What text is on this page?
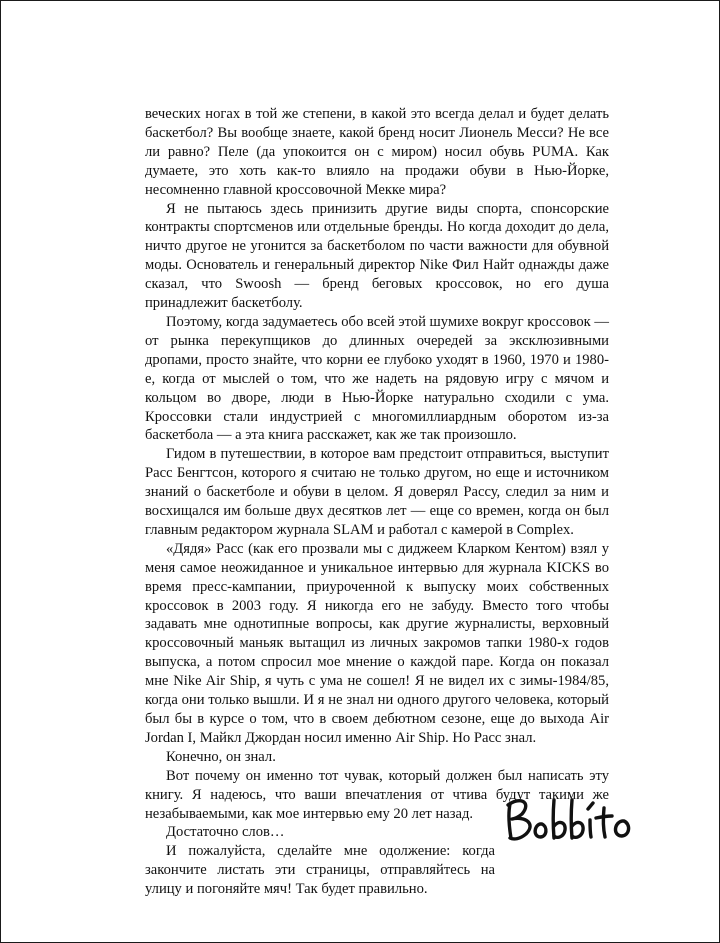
веческих ногах в той же степени, в какой это всегда делал и будет делать баскетбол? Вы вообще знаете, какой бренд носит Лионель Месси? Не все ли равно? Пеле (да упокоится он с миром) носил обувь PUMA. Как думаете, это хоть как-то влияло на продажи обуви в Нью-Йорке, несомненно главной кроссовочной Мекке мира?

Я не пытаюсь здесь принизить другие виды спорта, спонсорские контракты спортсменов или отдельные бренды. Но когда доходит до дела, ничто другое не угонится за баскетболом по части важности для обувной моды. Основатель и генеральный директор Nike Фил Найт однажды даже сказал, что Swoosh — бренд беговых кроссовок, но его душа принадлежит баскетболу.

Поэтому, когда задумаетесь обо всей этой шумихе вокруг кроссовок — от рынка перекупщиков до длинных очередей за эксклюзивными дропами, просто знайте, что корни ее глубоко уходят в 1960, 1970 и 1980-е, когда от мыслей о том, что же надеть на рядовую игру с мячом и кольцом во дворе, люди в Нью-Йорке натурально сходили с ума. Кроссовки стали индустрией с многомиллиардным оборотом из-за баскетбола — а эта книга расскажет, как же так произошло.

Гидом в путешествии, в которое вам предстоит отправиться, выступит Расс Бенгтсон, которого я считаю не только другом, но еще и источником знаний о баскетболе и обуви в целом. Я доверял Рассу, следил за ним и восхищался им больше двух десятков лет — еще со времен, когда он был главным редактором журнала SLAM и работал с камерой в Complex.

«Дядя» Расс (как его прозвали мы с диджеем Кларком Кентом) взял у меня самое неожиданное и уникальное интервью для журнала KICKS во время пресс-кампании, приуроченной к выпуску моих собственных кроссовок в 2003 году. Я никогда его не забуду. Вместо того чтобы задавать мне однотипные вопросы, как другие журналисты, верховный кроссовочный маньяк вытащил из личных закромов тапки 1980-х годов выпуска, а потом спросил мое мнение о каждой паре. Когда он показал мне Nike Air Ship, я чуть с ума не сошел! Я не видел их с зимы-1984/85, когда они только вышли. И я не знал ни одного другого человека, который был бы в курсе о том, что в своем дебютном сезоне, еще до выхода Air Jordan I, Майкл Джордан носил именно Air Ship. Но Расс знал.

Конечно, он знал.

Вот почему он именно тот чувак, который должен был написать эту книгу. Я надеюсь, что ваши впечатления от чтива будут такими же незабываемыми, как мое интервью ему 20 лет назад.

Достаточно слов…

И пожалуйста, сделайте мне одолжение: когда закончите листать эти страницы, отправляйтесь на улицу и погоняйте мяч! Так будет правильно.
